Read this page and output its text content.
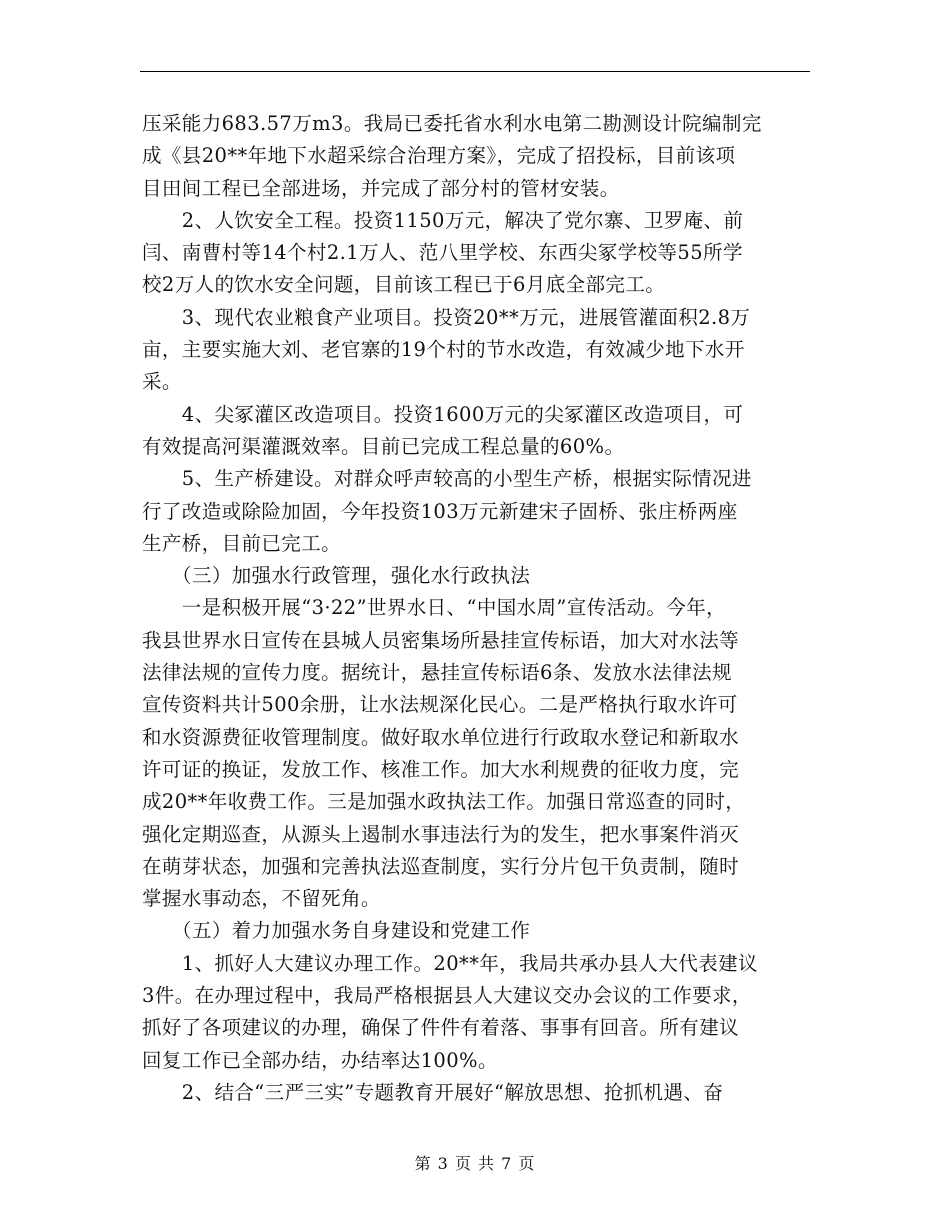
压采能力683.57万m3。我局已委托省水利水电第二勘测设计院编制完
成《县20**年地下水超采综合治理方案》，完成了招投标，目前该项
目田间工程已全部进场，并完成了部分村的管材安装。
　　2、人饮安全工程。投资1150万元，解决了党尔寨、卫罗庵、前
闫、南曹村等14个村2.1万人、范八里学校、东西尖冢学校等55所学
校2万人的饮水安全问题，目前该工程已于6月底全部完工。
　　3、现代农业粮食产业项目。投资20**万元，进展管灌面积2.8万
亩，主要实施大刘、老官寨的19个村的节水改造，有效减少地下水开
采。
　　4、尖冢灌区改造项目。投资1600万元的尖冢灌区改造项目，可
有效提高河渠灌溉效率。目前已完成工程总量的60%。
　　5、生产桥建设。对群众呼声较高的小型生产桥，根据实际情况进
行了改造或除险加固，今年投资103万元新建宋子固桥、张庄桥两座
生产桥，目前已完工。
　　（三）加强水行政管理，强化水行政执法
　　一是积极开展“3·22”世界水日、“中国水周”宣传活动。今年，
我县世界水日宣传在县城人员密集场所悬挂宣传标语，加大对水法等
法律法规的宣传力度。据统计，悬挂宣传标语6条、发放水法律法规
宣传资料共计500余册，让水法规深化民心。二是严格执行取水许可
和水资源费征收管理制度。做好取水单位进行行政取水登记和新取水
许可证的换证，发放工作、核准工作。加大水利规费的征收力度，完
成20**年收费工作。三是加强水政执法工作。加强日常巡查的同时，
强化定期巡查，从源头上遏制水事违法行为的发生，把水事案件消灭
在萌芽状态，加强和完善执法巡查制度，实行分片包干负责制，随时
掌握水事动态，不留死角。
　　（五）着力加强水务自身建设和党建工作
　　1、抓好人大建议办理工作。20**年，我局共承办县人大代表建议
3件。在办理过程中，我局严格根据县人大建议交办会议的工作要求，
抓好了各项建议的办理，确保了件件有着落、事事有回音。所有建议
回复工作已全部办结，办结率达100%。
　　2、结合“三严三实”专题教育开展好“解放思想、抢抓机遇、奋
第 3 页 共 7 页
